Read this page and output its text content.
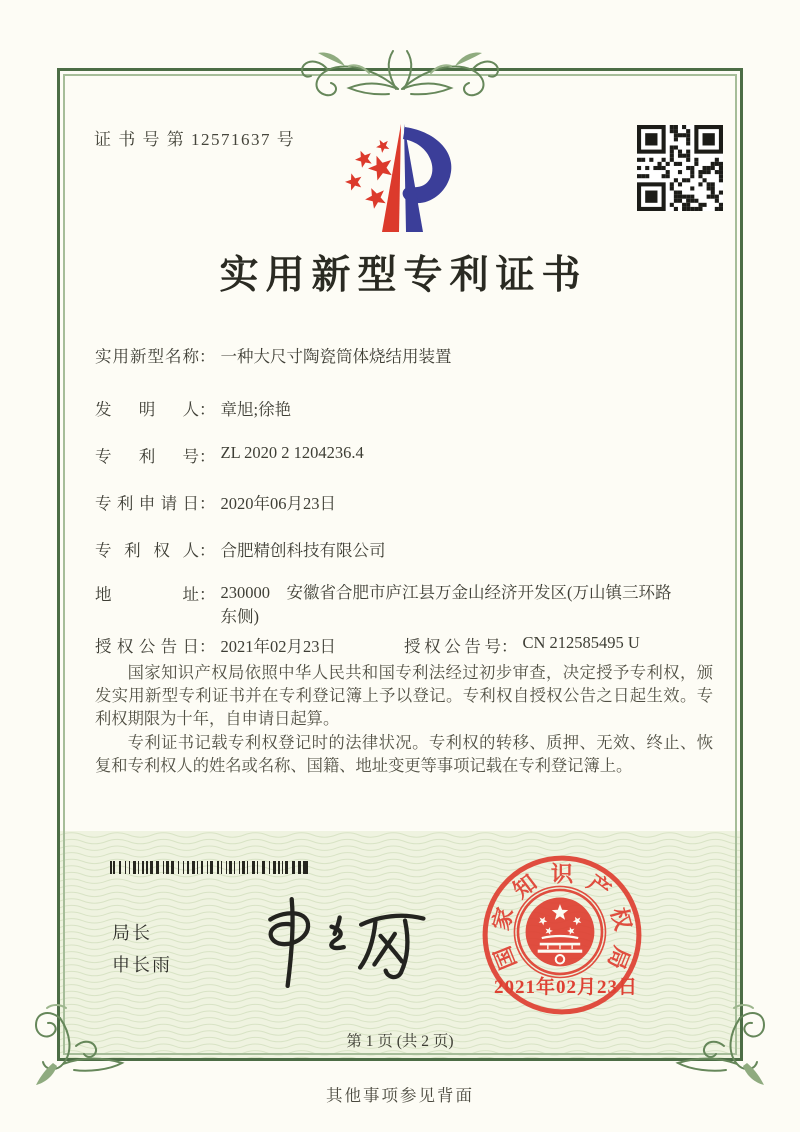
证 书 号 第 12571637 号
实用新型专利证书
实用新型名称： 一种大尺寸陶瓷筒体烧结用装置
发明人： 章旭;徐艳
专利号： ZL 2020 2 1204236.4
专利申请日： 2020年06月23日
专利权人： 合肥精创科技有限公司
地址： 230000　安徽省合肥市庐江县万金山经济开发区(万山镇三环路东侧)
授权公告日： 2021年02月23日	授权公告号： CN 212585495 U

国家知识产权局依照中华人民共和国专利法经过初步审查，决定授予专利权，颁发实用新型专利证书并在专利登记簿上予以登记。专利权自授权公告之日起生效。专利权期限为十年，自申请日起算。

专利证书记载专利权登记时的法律状况。专利权的转移、质押、无效、终止、恢复和专利权人的姓名或名称、国籍、地址变更等事项记载在专利登记簿上。

局长
申长雨	国
家
知 识 产
权
局
2021年02月23日
第 1 页 (共 2 页)
其他事项参见背面
